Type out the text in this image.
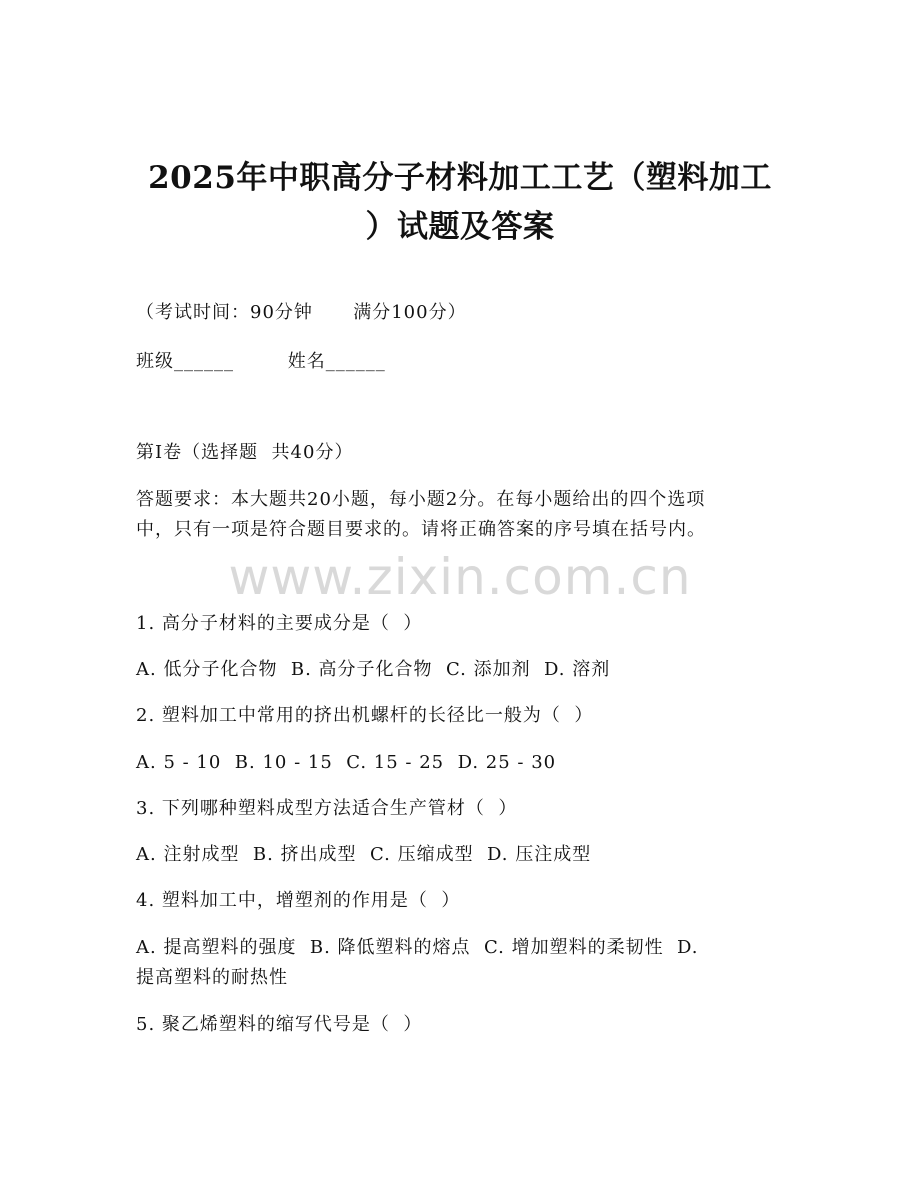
2025年中职高分子材料加工工艺（塑料加工
）试题及答案
（考试时间：90分钟      满分100分）
班级______        姓名______
第I卷（选择题  共40分）
答题要求：本大题共20小题，每小题2分。在每小题给出的四个选项
中，只有一项是符合题目要求的。请将正确答案的序号填在括号内。
www.zixin.com.cn
1. 高分子材料的主要成分是（  ）
A. 低分子化合物  B. 高分子化合物  C. 添加剂  D. 溶剂
2. 塑料加工中常用的挤出机螺杆的长径比一般为（  ）
A. 5 - 10  B. 10 - 15  C. 15 - 25  D. 25 - 30
3. 下列哪种塑料成型方法适合生产管材（  ）
A. 注射成型  B. 挤出成型  C. 压缩成型  D. 压注成型
4. 塑料加工中，增塑剂的作用是（  ）
A. 提高塑料的强度  B. 降低塑料的熔点  C. 增加塑料的柔韧性  D.
提高塑料的耐热性
5. 聚乙烯塑料的缩写代号是（  ）
